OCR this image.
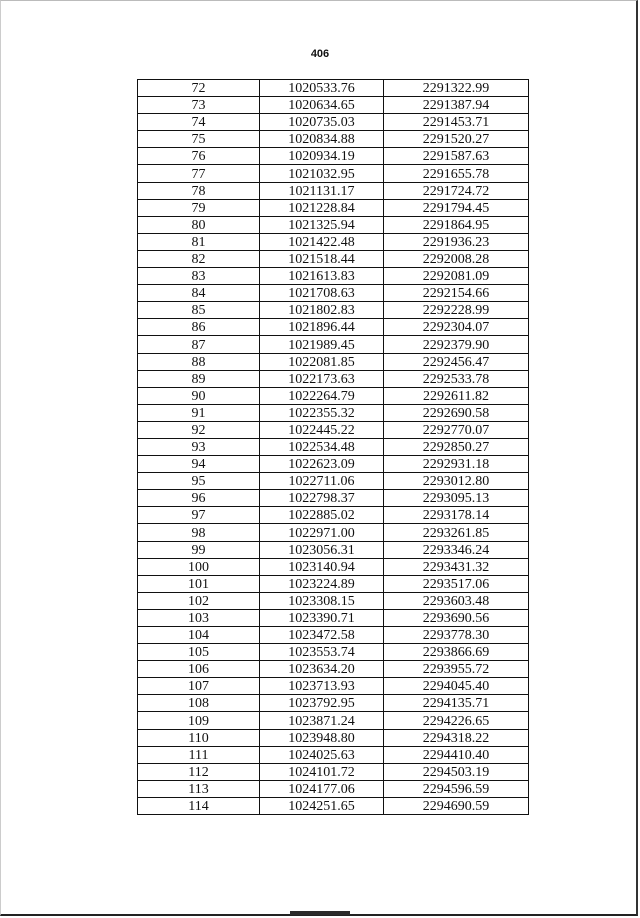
406
72	1020533.76	2291322.99
73	1020634.65	2291387.94
74	1020735.03	2291453.71
75	1020834.88	2291520.27
76	1020934.19	2291587.63
77	1021032.95	2291655.78
78	1021131.17	2291724.72
79	1021228.84	2291794.45
80	1021325.94	2291864.95
81	1021422.48	2291936.23
82	1021518.44	2292008.28
83	1021613.83	2292081.09
84	1021708.63	2292154.66
85	1021802.83	2292228.99
86	1021896.44	2292304.07
87	1021989.45	2292379.90
88	1022081.85	2292456.47
89	1022173.63	2292533.78
90	1022264.79	2292611.82
91	1022355.32	2292690.58
92	1022445.22	2292770.07
93	1022534.48	2292850.27
94	1022623.09	2292931.18
95	1022711.06	2293012.80
96	1022798.37	2293095.13
97	1022885.02	2293178.14
98	1022971.00	2293261.85
99	1023056.31	2293346.24
100	1023140.94	2293431.32
101	1023224.89	2293517.06
102	1023308.15	2293603.48
103	1023390.71	2293690.56
104	1023472.58	2293778.30
105	1023553.74	2293866.69
106	1023634.20	2293955.72
107	1023713.93	2294045.40
108	1023792.95	2294135.71
109	1023871.24	2294226.65
110	1023948.80	2294318.22
111	1024025.63	2294410.40
112	1024101.72	2294503.19
113	1024177.06	2294596.59
114	1024251.65	2294690.59
